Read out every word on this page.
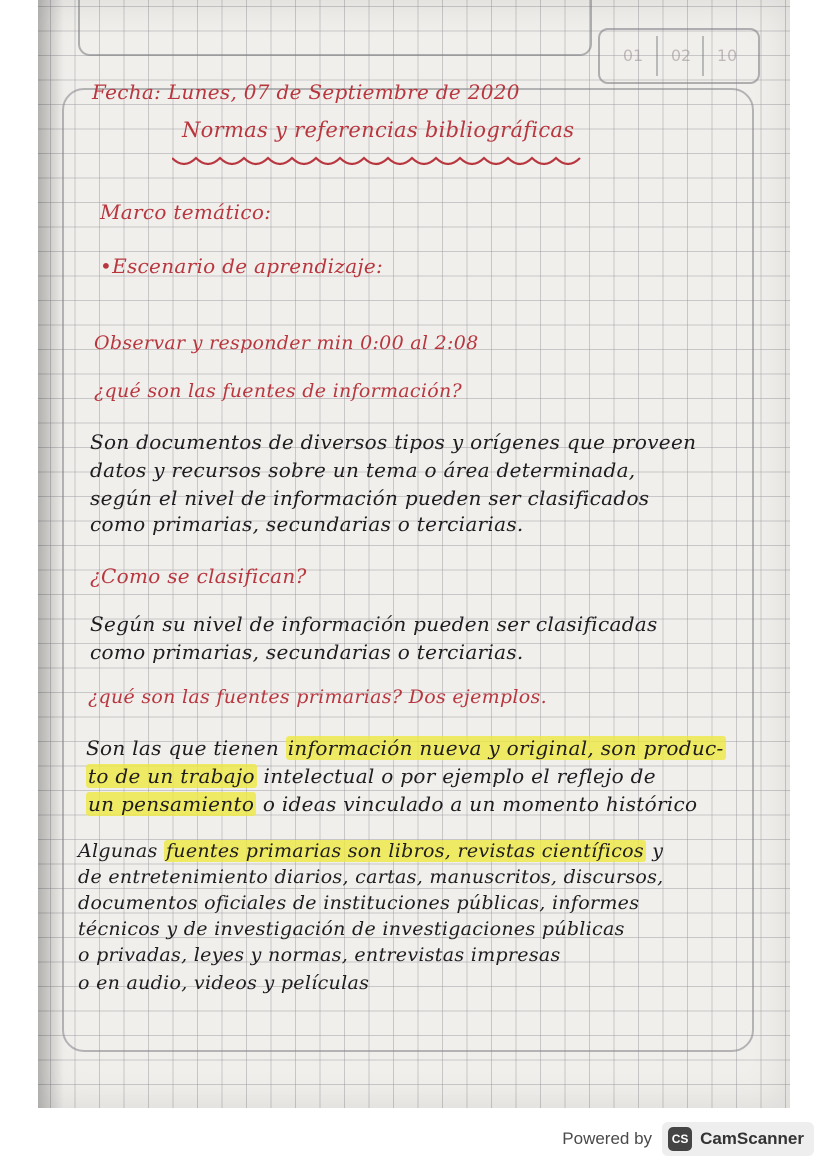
01	02	10
Fecha: Lunes, 07 de Septiembre de 2020
Normas y referencias bibliográficas
Marco temático:
•Escenario de aprendizaje:
Observar y responder min 0:00 al 2:08
¿qué son las fuentes de información?
Son documentos de diversos tipos y orígenes que proveen
datos y recursos sobre un tema o área determinada,
según el nivel de información pueden ser clasificados
como primarias, secundarias o terciarias.
¿Como se clasifican?
Según su nivel de información pueden ser clasificadas
como primarias, secundarias o terciarias.
¿qué son las fuentes primarias? Dos ejemplos.
Son las que tienen información nueva y original, son produc-
to de un trabajo intelectual o por ejemplo el reflejo de
un pensamiento o ideas vinculado a un momento histórico
Algunas fuentes primarias son libros, revistas científicos y
de entretenimiento diarios, cartas, manuscritos, discursos,
documentos oficiales de instituciones públicas, informes
técnicos y de investigación de investigaciones públicas
o privadas, leyes y normas, entrevistas impresas
o en audio, videos y películas
Powered by	CS CamScanner
